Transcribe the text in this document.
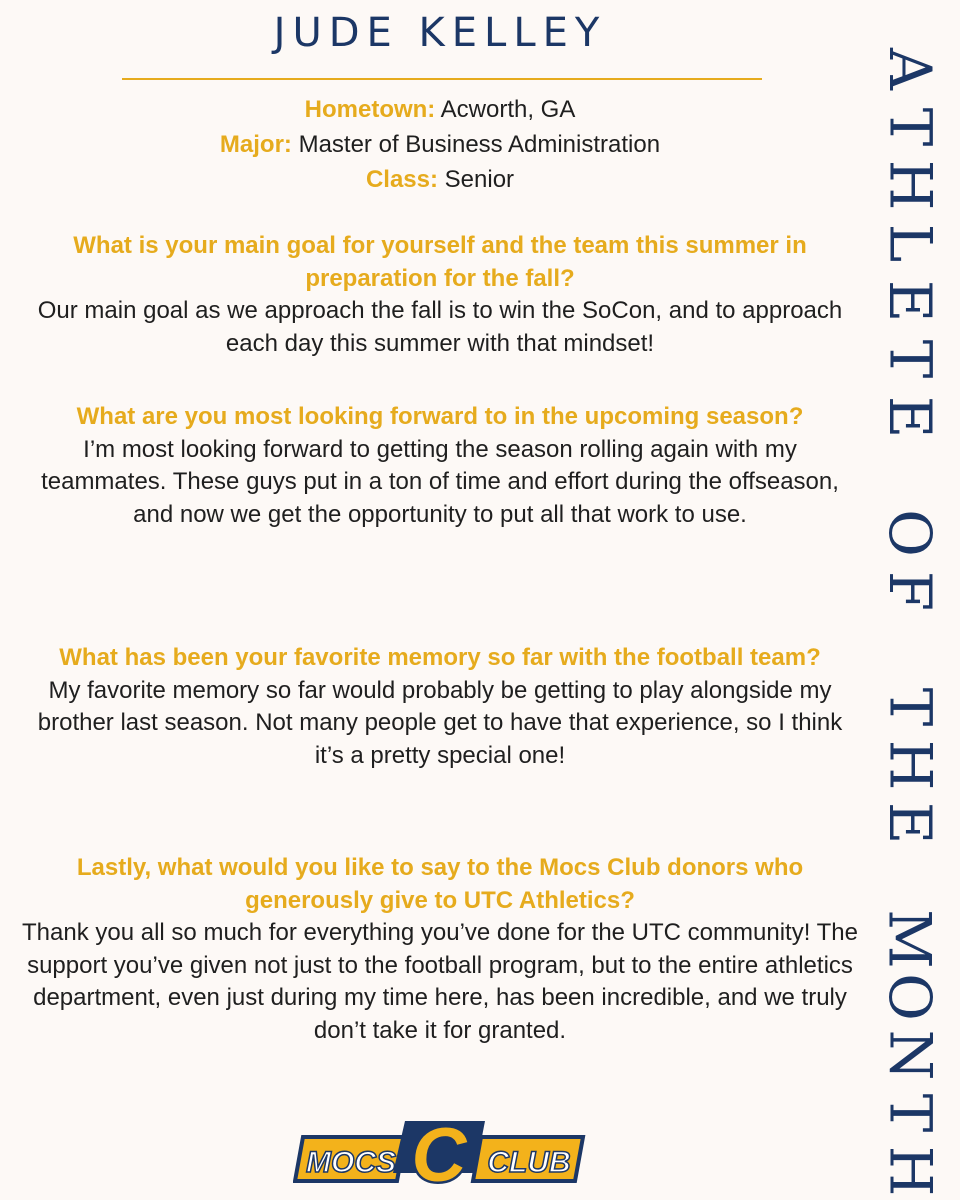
JUDE KELLEY
Hometown: Acworth, GA
Major: Master of Business Administration
Class: Senior
What is your main goal for yourself and the team this summer in preparation for the fall?
Our main goal as we approach the fall is to win the SoCon, and to approach each day this summer with that mindset!
What are you most looking forward to in the upcoming season?
I’m most looking forward to getting the season rolling again with my teammates. These guys put in a ton of time and effort during the offseason, and now we get the opportunity to put all that work to use.
What has been your favorite memory so far with the football team?
My favorite memory so far would probably be getting to play alongside my brother last season. Not many people get to have that experience, so I think it’s a pretty special one!
Lastly, what would you like to say to the Mocs Club donors who generously give to UTC Athletics?
Thank you all so much for everything you’ve done for the UTC community! The support you’ve given not just to the football program, but to the entire athletics department, even just during my time here, has been incredible, and we truly don’t take it for granted.
A
T
H
L
E
T
E

O
F

T
H
E

M
O
N
T
H
MOCS	CLUB
C
